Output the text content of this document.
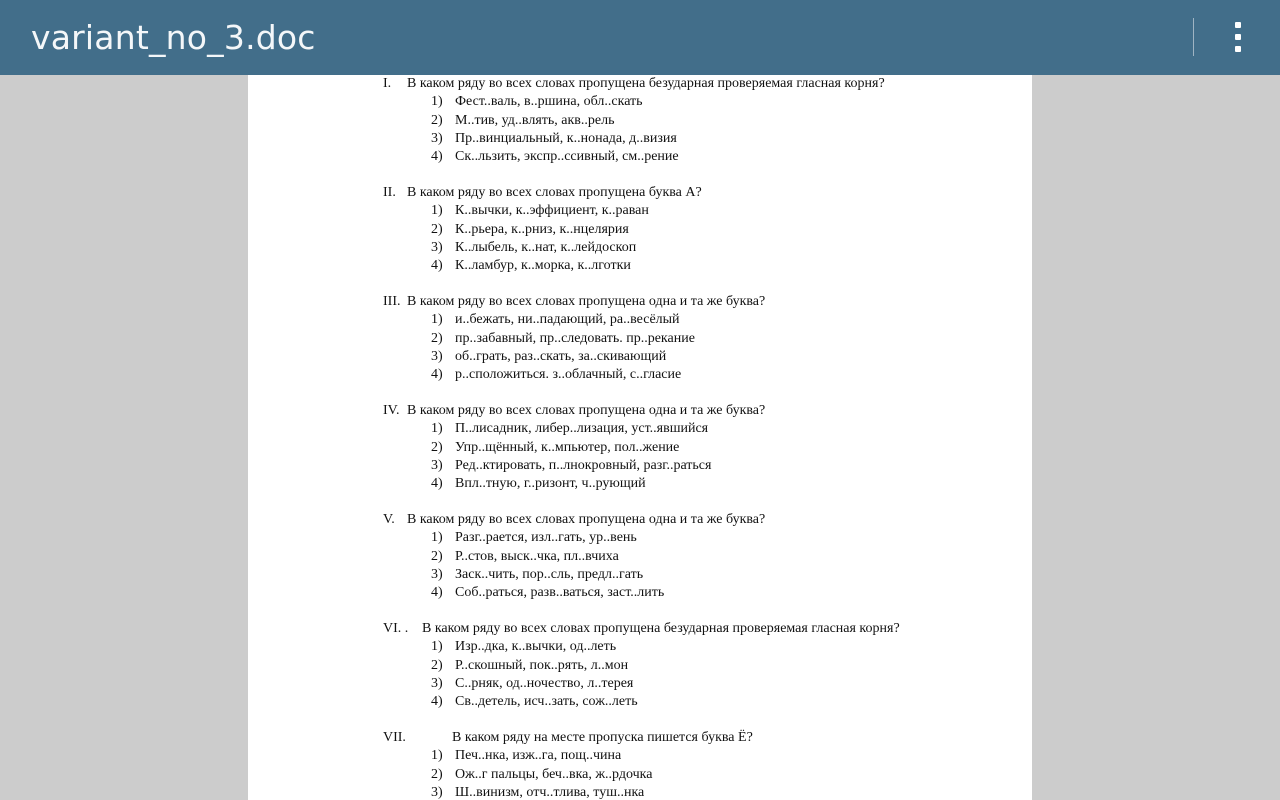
variant_no_3.doc
I. В каком ряду во всех словах пропущена безударная проверяемая гласная корня?
1) Фест..валь, в..ршина, обл..скать
2) М..тив, уд..влять, акв..рель
3) Пр..винциальный, к..нонада, д..визия
4) Ск..льзить, экспр..ссивный, см..рение
II. В каком ряду во всех словах пропущена буква А?
1) К..вычки, к..эффициент, к..раван
2) К..рьера, к..рниз, к..нцелярия
3) К..лыбель, к..нат, к..лейдоскоп
4) К..ламбур, к..морка, к..лготки
III. В каком ряду во всех словах пропущена одна и та же буква?
1) и..бежать, ни..падающий, ра..весёлый
2) пр..забавный, пр..следовать. пр..рекание
3) об..грать, раз..скать, за..скивающий
4) р..сположиться. з..облачный, с..гласие
IV. В каком ряду во всех словах пропущена одна и та же буква?
1) П..лисадник, либер..лизация, уст..явшийся
2) Упр..щённый, к..мпьютер, пол..жение
3) Ред..ктировать, п..лнокровный, разг..раться
4) Впл..тную, г..ризонт, ч..рующий
V. В каком ряду во всех словах пропущена одна и та же буква?
1) Разг..рается, изл..гать, ур..вень
2) Р..стов, выск..чка, пл..вчиха
3) Заск..чить, пор..сль, предл..гать
4) Соб..раться, разв..ваться, заст..лить
VI. . В каком ряду во всех словах пропущена безударная проверяемая гласная корня?
1) Изр..дка, к..вычки, од..леть
2) Р..скошный, пок..рять, л..мон
3) С..рняк, од..ночество, л..терея
4) Св..детель, исч..зать, сож..леть
VII.	В каком ряду на месте пропуска пишется буква Ё?
1) Печ..нка, изж..га, пощ..чина
2) Ож..г пальцы, беч..вка, ж..рдочка
3) Ш..винизм, отч..тлива, туш..нка
